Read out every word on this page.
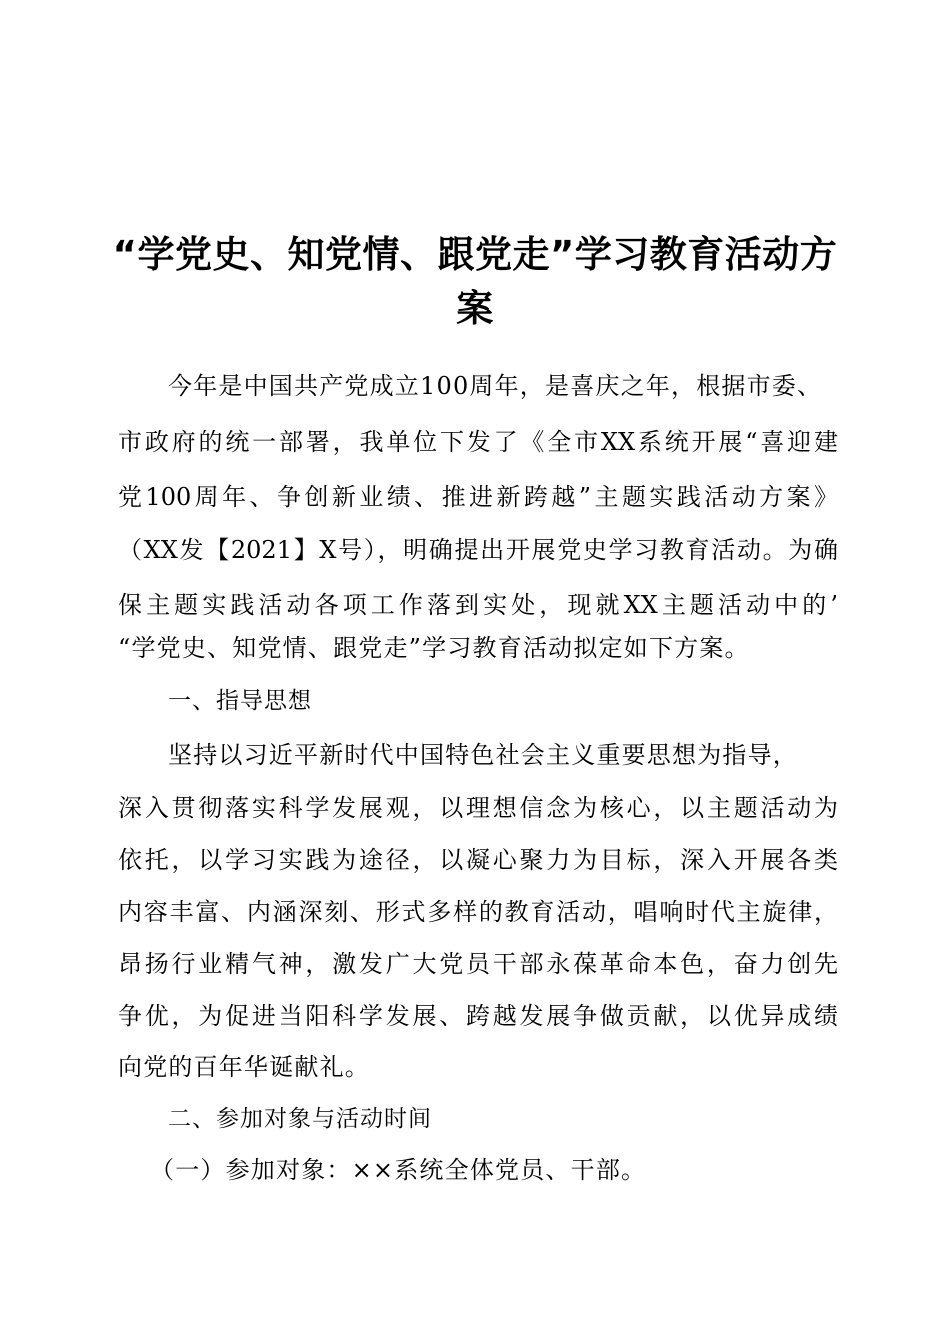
“学党史、知党情、跟党走”学习教育活动方
案

今年是中国共产党成立100周年，是喜庆之年，根据市委、

市政府的统一部署，我单位下发了《全市XX系统开展“喜迎建

党100周年、争创新业绩、推进新跨越”主题实践活动方案》

（XX发【2021】X号），明确提出开展党史学习教育活动。为确

保主题实践活动各项工作落到实处，现就XX主题活动中的’

“学党史、知党情、跟党走”学习教育活动拟定如下方案。

一、指导思想

坚持以习近平新时代中国特色社会主义重要思想为指导，

深入贯彻落实科学发展观，以理想信念为核心，以主题活动为

依托，以学习实践为途径，以凝心聚力为目标，深入开展各类

内容丰富、内涵深刻、形式多样的教育活动，唱响时代主旋律，

昂扬行业精气神，激发广大党员干部永葆革命本色，奋力创先

争优，为促进当阳科学发展、跨越发展争做贡献，以优异成绩

向党的百年华诞献礼。

二、参加对象与活动时间

（一）参加对象：××系统全体党员、干部。
